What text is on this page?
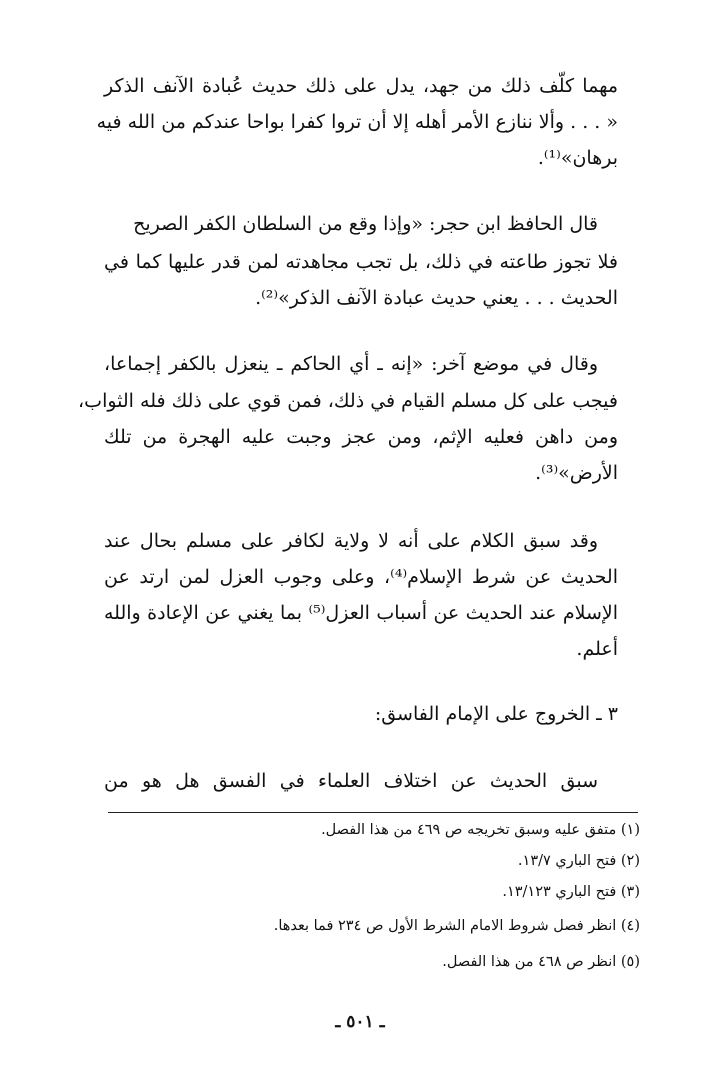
مهما كلّف ذلك من جهد، يدل على ذلك حديث عُبادة الآنف الذكر
« . . . وألا ننازع الأمر أهله إلا أن تروا كفرا بواحا عندكم من الله فيه
برهان»⁽¹⁾.
قال الحافظ ابن حجر: «وإذا وقع من السلطان الكفر الصريح
فلا تجوز طاعته في ذلك، بل تجب مجاهدته لمن قدر عليها كما في
الحديث . . . يعني حديث عبادة الآنف الذكر»⁽²⁾.
وقال في موضع آخر: «إنه ـ أي الحاكم ـ ينعزل بالكفر إجماعا،
فيجب على كل مسلم القيام في ذلك، فمن قوي على ذلك فله الثواب،
ومن داهن فعليه الإثم، ومن عجز وجبت عليه الهجرة من تلك
الأرض»⁽³⁾.
وقد سبق الكلام على أنه لا ولاية لكافر على مسلم بحال عند
الحديث عن شرط الإسلام⁽⁴⁾، وعلى وجوب العزل لمن ارتد عن
الإسلام عند الحديث عن أسباب العزل⁽⁵⁾ بما يغني عن الإعادة والله
أعلم.
٣ ـ الخروج على الإمام الفاسق:
سبق الحديث عن اختلاف العلماء في الفسق هل هو من
(١) متفق عليه وسبق تخريجه ص ٤٦٩ من هذا الفصل.
(٢) فتح الباري ١٣/٧.
(٣) فتح الباري ١٣/١٢٣.
(٤) انظر فصل شروط الامام الشرط الأول ص ٢٣٤ فما بعدها.
(٥) انظر ص ٤٦٨ من هذا الفصل.
ـ ٥٠١ ـ
